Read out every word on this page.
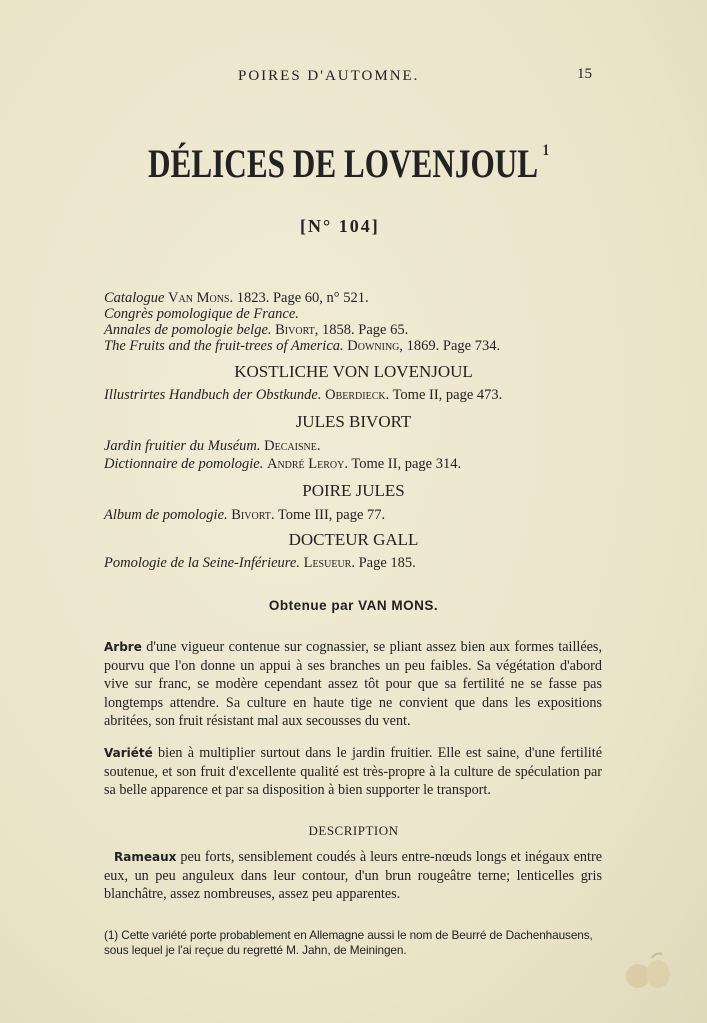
POIRES D'AUTOMNE.	15
DÉLICES DE LOVENJOUL $^1$
[N° 104]
Catalogue Van Mons. 1823. Page 60, n° 521.
Congrès pomologique de France.
Annales de pomologie belge. Bivort, 1858. Page 65.
The Fruits and the fruit-trees of America. Downing, 1869. Page 734.
KOSTLICHE VON LOVENJOUL
Illustrirtes Handbuch der Obstkunde. Oberdieck. Tome II, page 473.
JULES BIVORT
Jardin fruitier du Muséum. Decaisne.
Dictionnaire de pomologie. André Leroy. Tome II, page 314.
POIRE JULES
Album de pomologie. Bivort. Tome III, page 77.
DOCTEUR GALL
Pomologie de la Seine-Inférieure. Lesueur. Page 185.
Obtenue par VAN MONS.
Arbre d'une vigueur contenue sur cognassier, se pliant assez bien aux formes taillées, pourvu que l'on donne un appui à ses branches un peu faibles. Sa végétation d'abord vive sur franc, se modère cependant assez tôt pour que sa fertilité ne se fasse pas longtemps attendre. Sa culture en haute tige ne convient que dans les expositions abritées, son fruit résistant mal aux secousses du vent.
Variété bien à multiplier surtout dans le jardin fruitier. Elle est saine, d'une fertilité soutenue, et son fruit d'excellente qualité est très-propre à la culture de spéculation par sa belle apparence et par sa disposition à bien supporter le transport.
DESCRIPTION
Rameaux peu forts, sensiblement coudés à leurs entre-nœuds longs et inégaux entre eux, un peu anguleux dans leur contour, d'un brun rougeâtre terne; lenticelles gris blanchâtre, assez nombreuses, assez peu apparentes.
(1) Cette variété porte probablement en Allemagne aussi le nom de Beurré de Dachenhausens, sous lequel je l'ai reçue du regretté M. Jahn, de Meiningen.
